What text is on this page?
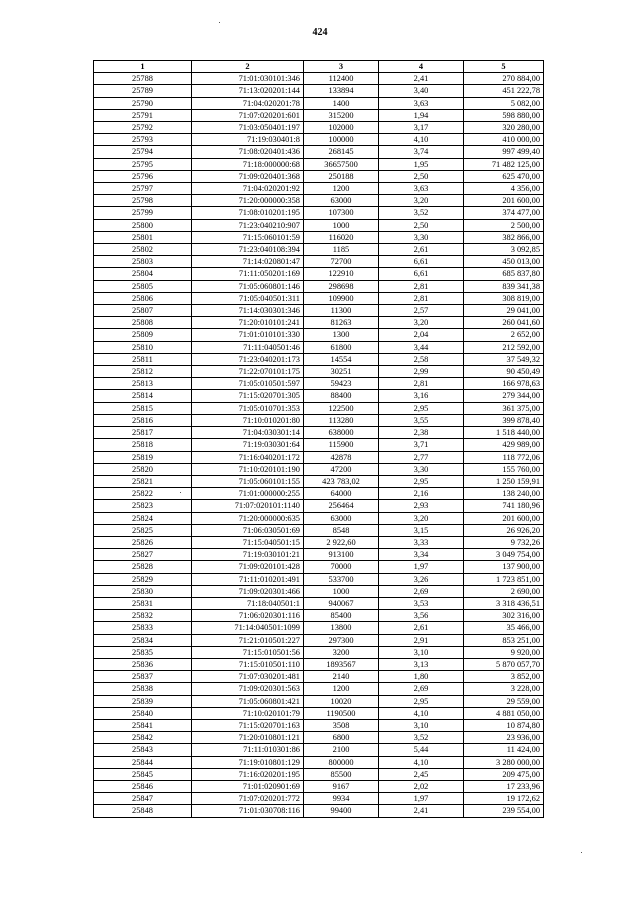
424
1	2	3	4	5
25788	71:01:030101:346	112400	2,41	270 884,00
25789	71:13:020201:144	133894	3,40	451 222,78
25790	71:04:020201:78	1400	3,63	5 082,00
25791	71:07:020201:601	315200	1,94	598 880,00
25792	71:03:050401:197	102000	3,17	320 280,00
25793	71:19:030401:8	100000	4,10	410 000,00
25794	71:08:020401:436	268145	3,74	997 499,40
25795	71:18:000000:68	36657500	1,95	71 482 125,00
25796	71:09:020401:368	250188	2,50	625 470,00
25797	71:04:020201:92	1200	3,63	4 356,00
25798	71:20:000000:358	63000	3,20	201 600,00
25799	71:08:010201:195	107300	3,52	374 477,00
25800	71:23:040210:907	1000	2,50	2 500,00
25801	71:15:060101:59	116020	3,30	382 866,00
25802	71:23:040108:394	1185	2,61	3 092,85
25803	71:14:020801:47	72700	6,61	450 013,00
25804	71:11:050201:169	122910	6,61	685 837,80
25805	71:05:060801:146	298698	2,81	839 341,38
25806	71:05:040501:311	109900	2,81	308 819,00
25807	71:14:030301:346	11300	2,57	29 041,00
25808	71:20:010101:241	81263	3,20	260 041,60
25809	71:01:010101:330	1300	2,04	2 652,00
25810	71:11:040501:46	61800	3,44	212 592,00
25811	71:23:040201:173	14554	2,58	37 549,32
25812	71:22:070101:175	30251	2,99	90 450,49
25813	71:05:010501:597	59423	2,81	166 978,63
25814	71:15:020701:305	88400	3,16	279 344,00
25815	71:05:010701:353	122500	2,95	361 375,00
25816	71:10:010201:80	113280	3,55	399 878,40
25817	71:04:030301:14	638000	2,38	1 518 440,00
25818	71:19:030301:64	115900	3,71	429 989,00
25819	71:16:040201:172	42878	2,77	118 772,06
25820	71:10:020101:190	47200	3,30	155 760,00
25821	71:05:060101:155	423 783,02	2,95	1 250 159,91
25822	71:01:000000:255	64000	2,16	138 240,00
25823	71:07:020101:1140	256464	2,93	741 180,96
25824	71:20:000000:635	63000	3,20	201 600,00
25825	71:06:030501:69	8548	3,15	26 926,20
25826	71:15:040501:15	2 922,60	3,33	9 732,26
25827	71:19:030101:21	913100	3,34	3 049 754,00
25828	71:09:020101:428	70000	1,97	137 900,00
25829	71:11:010201:491	533700	3,26	1 723 851,00
25830	71:09:020301:466	1000	2,69	2 690,00
25831	71:18:040501:1	940067	3,53	3 318 436,51
25832	71:06:020301:116	85400	3,56	302 316,00
25833	71:14:040501:1099	13800	2,61	35 466,00
25834	71:21:010501:227	297300	2,91	853 251,00
25835	71:15:010501:56	3200	3,10	9 920,00
25836	71:15:010501:110	1893567	3,13	5 870 057,70
25837	71:07:030201:481	2140	1,80	3 852,00
25838	71:09:020301:563	1200	2,69	3 228,00
25839	71:05:060801:421	10020	2,95	29 559,00
25840	71:10:020101:79	1190500	4,10	4 881 050,00
25841	71:15:020701:163	3508	3,10	10 874,80
25842	71:20:010801:121	6800	3,52	23 936,00
25843	71:11:010301:86	2100	5,44	11 424,00
25844	71:19:010801:129	800000	4,10	3 280 000,00
25845	71:16:020201:195	85500	2,45	209 475,00
25846	71:01:020901:69	9167	2,02	17 233,96
25847	71:07:020201:772	9934	1,97	19 172,62
25848	71:01:030708:116	99400	2,41	239 554,00
